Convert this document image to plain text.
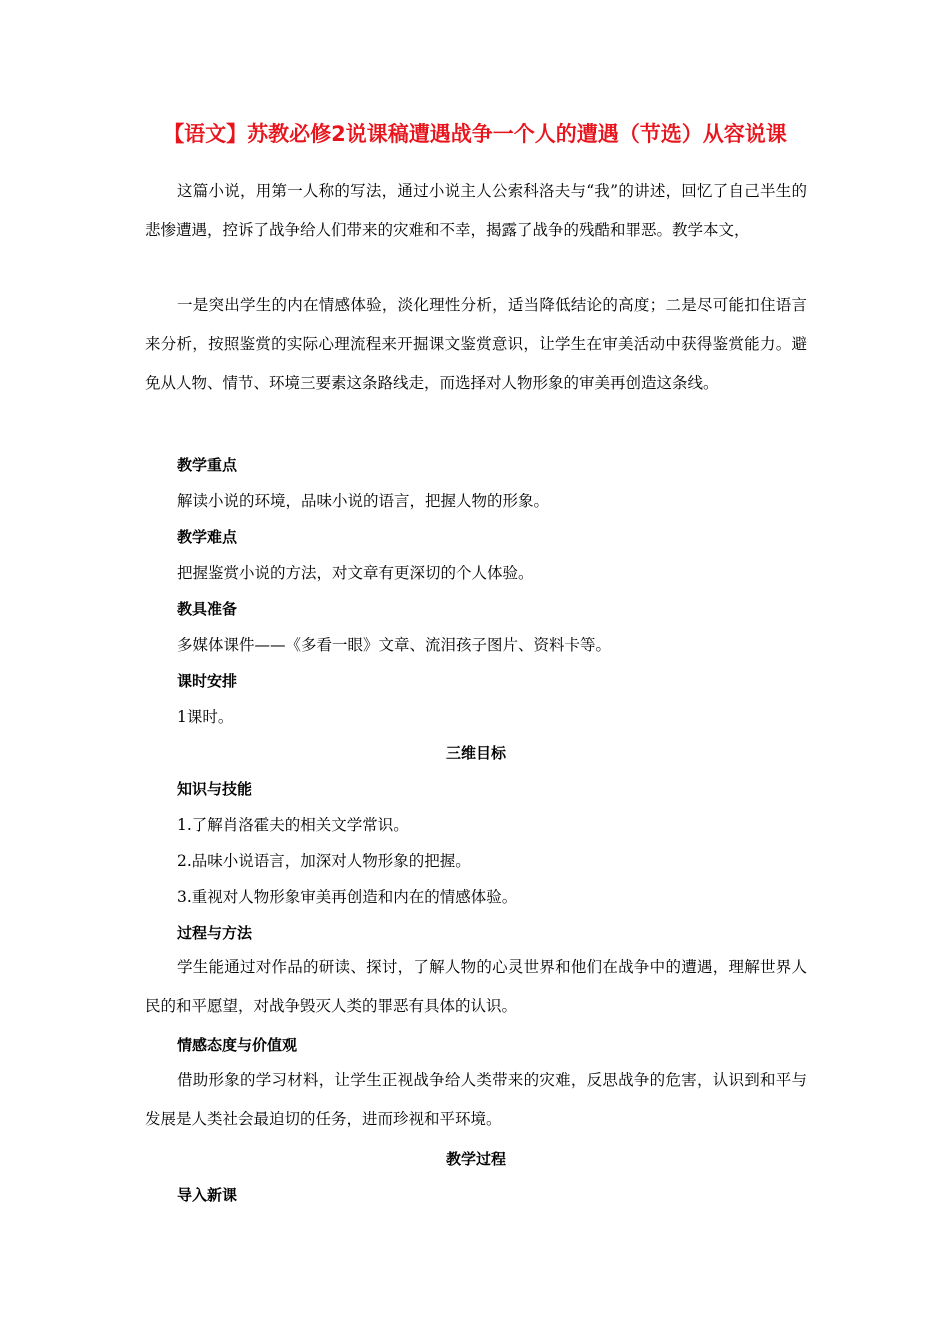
【语文】苏教必修2说课稿遭遇战争一个人的遭遇（节选）从容说课

这篇小说，用第一人称的写法，通过小说主人公索科洛夫与“我”的讲述，回忆了自己半生的悲惨遭遇，控诉了战争给人们带来的灾难和不幸，揭露了战争的残酷和罪恶。教学本文，

一是突出学生的内在情感体验，淡化理性分析，适当降低结论的高度；二是尽可能扣住语言来分析，按照鉴赏的实际心理流程来开掘课文鉴赏意识，让学生在审美活动中获得鉴赏能力。避免从人物、情节、环境三要素这条路线走，而选择对人物形象的审美再创造这条线。

教学重点
解读小说的环境，品味小说的语言，把握人物的形象。
教学难点
把握鉴赏小说的方法，对文章有更深切的个人体验。
教具准备
多媒体课件——《多看一眼》文章、流泪孩子图片、资料卡等。
课时安排
1课时。
三维目标
知识与技能
1.了解肖洛霍夫的相关文学常识。
2.品味小说语言，加深对人物形象的把握。
3.重视对人物形象审美再创造和内在的情感体验。
过程与方法

学生能通过对作品的研读、探讨，了解人物的心灵世界和他们在战争中的遭遇，理解世界人民的和平愿望，对战争毁灭人类的罪恶有具体的认识。

情感态度与价值观

借助形象的学习材料，让学生正视战争给人类带来的灾难，反思战争的危害，认识到和平与发展是人类社会最迫切的任务，进而珍视和平环境。

教学过程
导入新课
